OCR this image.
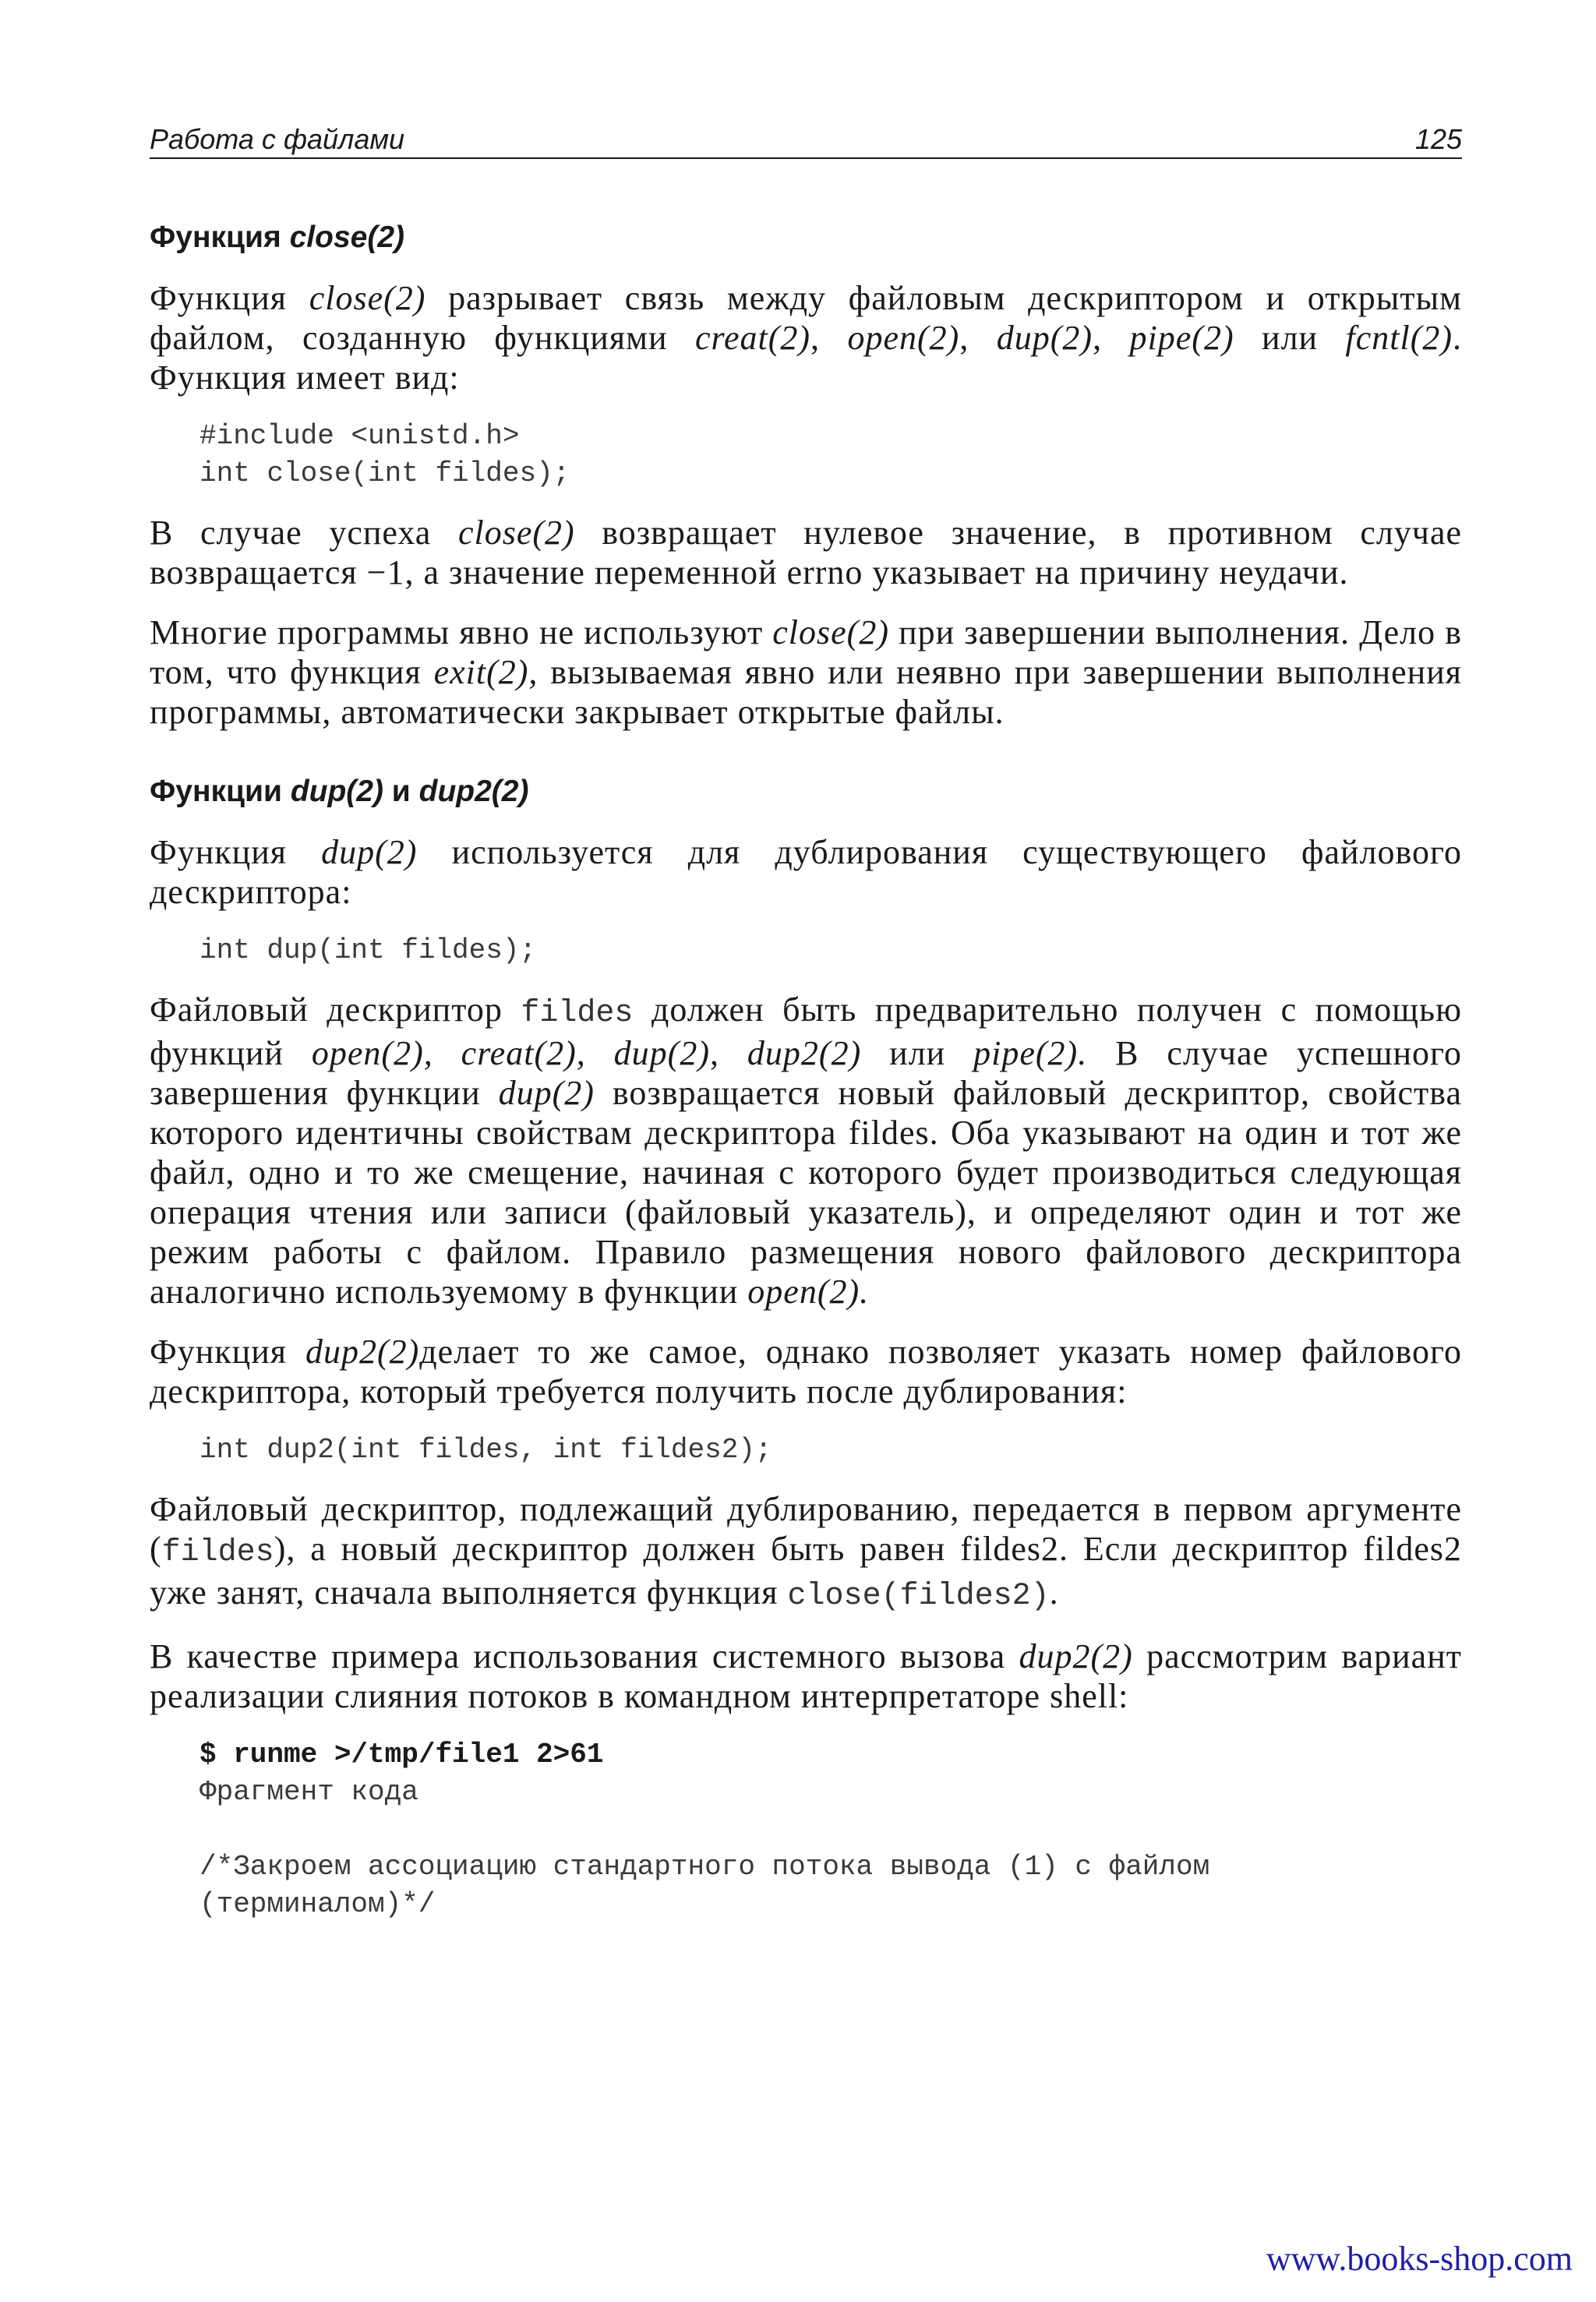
Работа с файлами	125
Функция close(2)

Функция close(2) разрывает связь между файловым дескриптором и открытым файлом, созданную функциями creat(2), open(2), dup(2), pipe(2) или fcntl(2). Функция имеет вид:

#include <unistd.h>
int close(int fildes);

В случае успеха close(2) возвращает нулевое значение, в противном случае возвращается −1, а значение переменной errno указывает на причину неудачи.

Многие программы явно не используют close(2) при завершении выполнения. Дело в том, что функция exit(2), вызываемая явно или неявно при завершении выполнения программы, автоматически закрывает открытые файлы.

Функции dup(2) и dup2(2)

Функция dup(2) используется для дублирования существующего файлового дескриптора:

int dup(int fildes);

Файловый дескриптор fildes должен быть предварительно получен с помощью функций open(2), creat(2), dup(2), dup2(2) или pipe(2). В случае успешного завершения функции dup(2) возвращается новый файловый дескриптор, свойства которого идентичны свойствам дескриптора fildes. Оба указывают на один и тот же файл, одно и то же смещение, начиная с которого будет производиться следующая операция чтения или записи (файловый указатель), и определяют один и тот же режим работы с файлом. Правило размещения нового файлового дескриптора аналогично используемому в функции open(2).

Функция dup2(2)делает то же самое, однако позволяет указать номер файлового дескриптора, который требуется получить после дублирования:

int dup2(int fildes, int fildes2);

Файловый дескриптор, подлежащий дублированию, передается в первом аргументе (fildes), а новый дескриптор должен быть равен fildes2. Если дескриптор fildes2 уже занят, сначала выполняется функция close(fildes2).

В качестве примера использования системного вызова dup2(2) рассмотрим вариант реализации слияния потоков в командном интерпретаторе shell:

$ runme >/tmp/file1 2>61
Фрагмент кода

/*Закроем ассоциацию стандартного потока вывода (1) с файлом
(терминалом)*/
www.books-shop.com
